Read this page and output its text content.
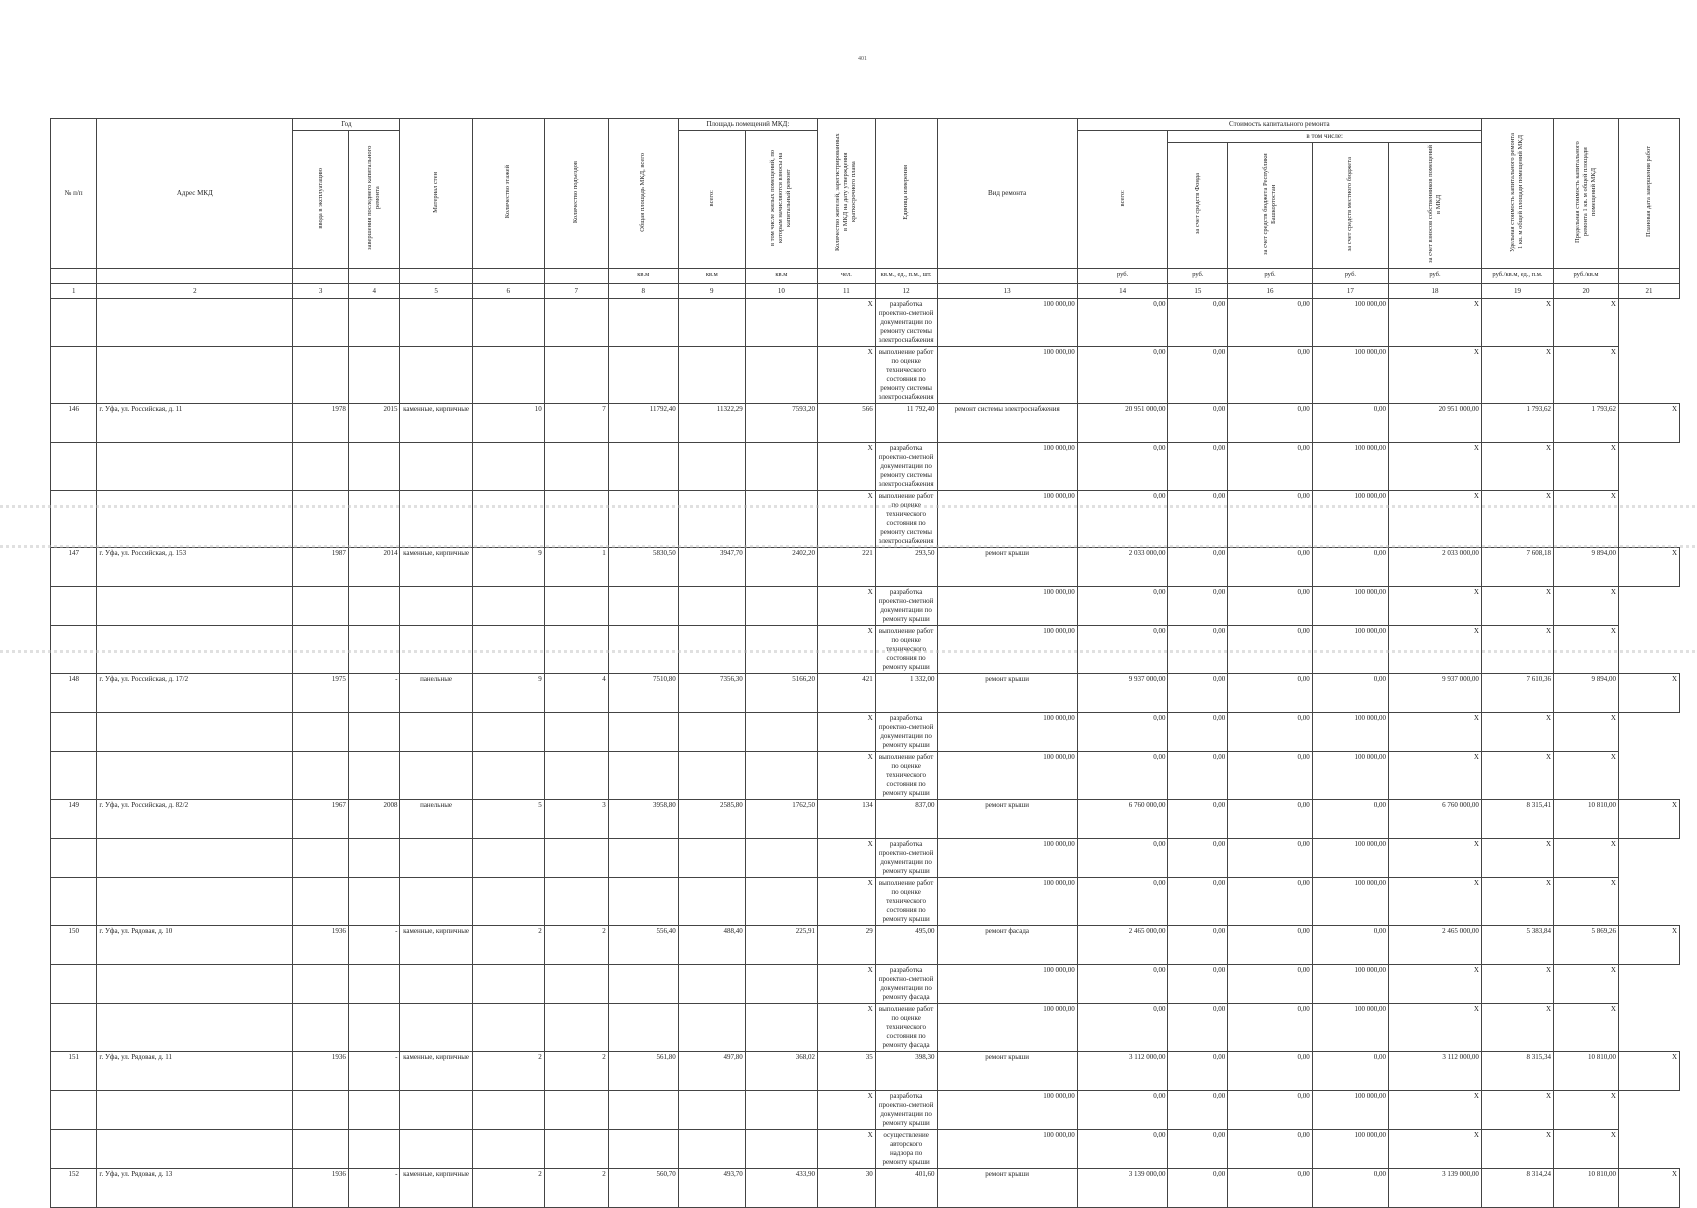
401
№ п/п	Адрес МКД	Год		Материал стен	Количество этажей	Количество подъездов	Общая площадь МКД, всего	Площадь помещений МКД:		Количество жителей, зарегистрированных в МКД на дату утверждения краткосрочного плана	Единица измерения	Вид ремонта	Стоимость капитального ремонта					Удельная стоимость капитального ремонта 1 кв. м общей площади помещений МКД	Предельная стоимость капитального ремонта 1 кв. м общей площади помещений МКД	Плановая дата завершения работ
		ввода в эксплуатацию	завершения последнего капитального ремонта					всего:	в том числе жилых помещений, по которым начисляются взносы на капитальный ремонт				всего:	в том числе:						
														за счет средств Фонда	за счет средств бюджета Республики Башкортостан	за счет средств местного бюджета	за счет взносов собственников помещений в МКД			
							кв.м	кв.м	кв.м	чел.	кв.м., ед., п.м., шт.		руб.	руб.	руб.	руб.	руб.	руб./кв.м, ед., п.м.	руб./кв.м	
1	2	3	4	5	6	7	8	9	10	11	12	13	14	15	16	17	18	19	20	21
										X	разработка проектно-сметной документации по ремонту системы электроснабжения	100 000,00	0,00	0,00	0,00	100 000,00	X	X	X	
										X	выполнение работ по оценке технического состояния по ремонту системы электроснабжения	100 000,00	0,00	0,00	0,00	100 000,00	X	X	X	
146	г. Уфа, ул. Российская, д. 11	1978	2015	каменные, кирпичные	10	7	11792,40	11322,29	7593,20	566	11 792,40	ремонт системы электроснабжения	20 951 000,00	0,00	0,00	0,00	20 951 000,00	1 793,62	1 793,62	X
										X	разработка проектно-сметной документации по ремонту системы электроснабжения	100 000,00	0,00	0,00	0,00	100 000,00	X	X	X	
										X	выполнение работ по оценке технического состояния по ремонту системы электроснабжения	100 000,00	0,00	0,00	0,00	100 000,00	X	X	X	
147	г. Уфа, ул. Российская, д. 153	1987	2014	каменные, кирпичные	9	1	5830,50	3947,70	2402,20	221	293,50	ремонт крыши	2 033 000,00	0,00	0,00	0,00	2 033 000,00	7 608,18	9 894,00	X
										X	разработка проектно-сметной документации по ремонту крыши	100 000,00	0,00	0,00	0,00	100 000,00	X	X	X	
										X	выполнение работ по оценке технического состояния по ремонту крыши	100 000,00	0,00	0,00	0,00	100 000,00	X	X	X	
148	г. Уфа, ул. Российская, д. 17/2	1975	-	панельные	9	4	7510,80	7356,30	5166,20	421	1 332,00	ремонт крыши	9 937 000,00	0,00	0,00	0,00	9 937 000,00	7 610,36	9 894,00	X
										X	разработка проектно-сметной документации по ремонту крыши	100 000,00	0,00	0,00	0,00	100 000,00	X	X	X	
										X	выполнение работ по оценке технического состояния по ремонту крыши	100 000,00	0,00	0,00	0,00	100 000,00	X	X	X	
149	г. Уфа, ул. Российская, д. 82/2	1967	2008	панельные	5	3	3958,80	2585,80	1762,50	134	837,00	ремонт крыши	6 760 000,00	0,00	0,00	0,00	6 760 000,00	8 315,41	10 810,00	X
										X	разработка проектно-сметной документации по ремонту крыши	100 000,00	0,00	0,00	0,00	100 000,00	X	X	X	
										X	выполнение работ по оценке технического состояния по ремонту крыши	100 000,00	0,00	0,00	0,00	100 000,00	X	X	X	
150	г. Уфа, ул. Рядовая, д. 10	1936	-	каменные, кирпичные	2	2	556,40	488,40	225,91	29	495,00	ремонт фасада	2 465 000,00	0,00	0,00	0,00	2 465 000,00	5 383,84	5 869,26	X
										X	разработка проектно-сметной документации по ремонту фасада	100 000,00	0,00	0,00	0,00	100 000,00	X	X	X	
										X	выполнение работ по оценке технического состояния по ремонту фасада	100 000,00	0,00	0,00	0,00	100 000,00	X	X	X	
151	г. Уфа, ул. Рядовая, д. 11	1936	-	каменные, кирпичные	2	2	561,80	497,80	368,02	35	398,30	ремонт крыши	3 112 000,00	0,00	0,00	0,00	3 112 000,00	8 315,34	10 810,00	X
										X	разработка проектно-сметной документации по ремонту крыши	100 000,00	0,00	0,00	0,00	100 000,00	X	X	X	
										X	осуществление авторского надзора по ремонту крыши	100 000,00	0,00	0,00	0,00	100 000,00	X	X	X	
152	г. Уфа, ул. Рядовая, д. 13	1936	-	каменные, кирпичные	2	2	560,70	493,70	433,90	30	401,60	ремонт крыши	3 139 000,00	0,00	0,00	0,00	3 139 000,00	8 314,24	10 810,00	X
